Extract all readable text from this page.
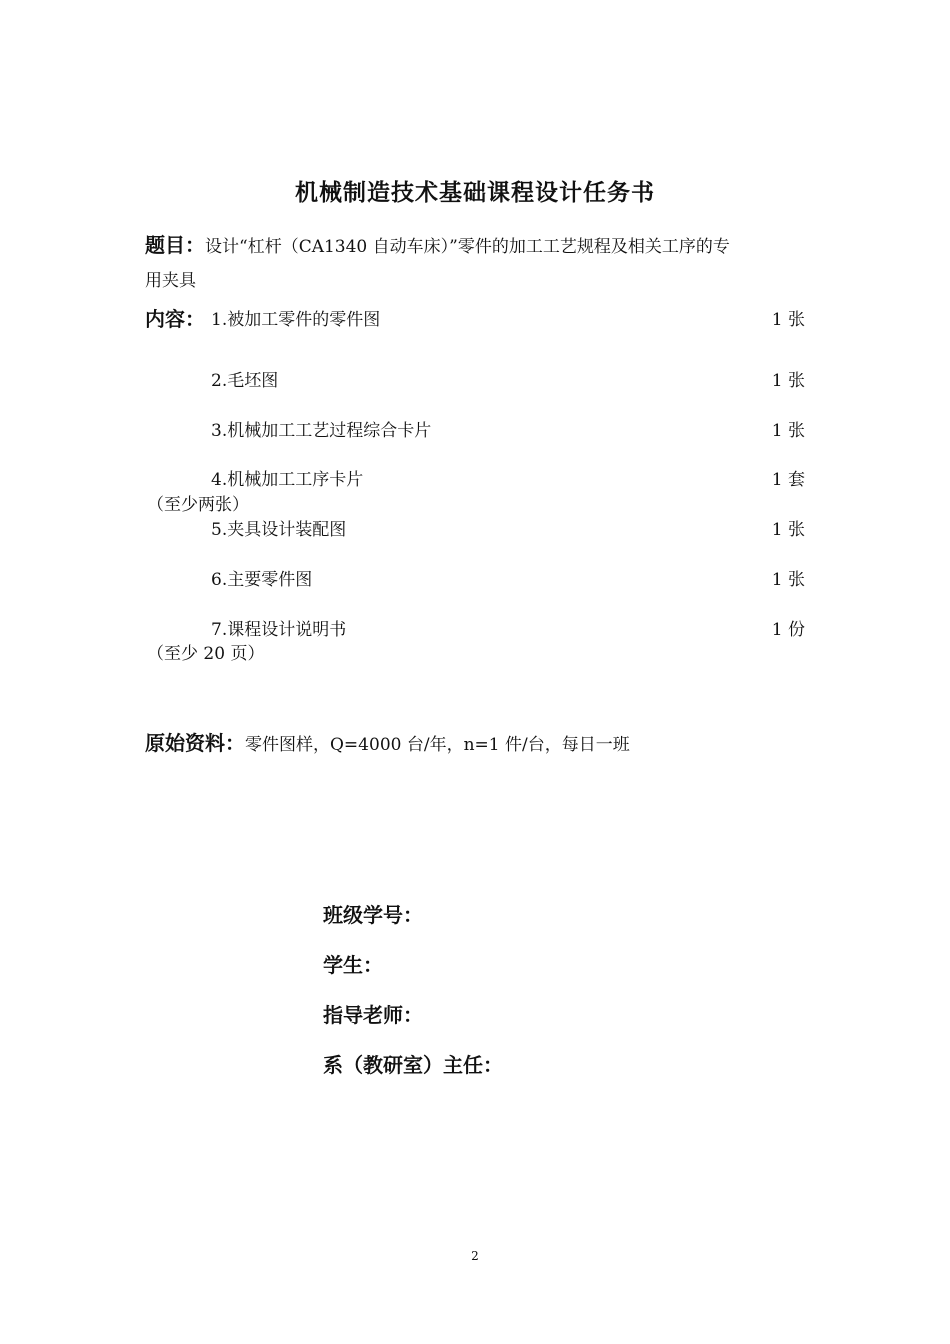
机械制造技术基础课程设计任务书
题目：设计“杠杆（CA1340 自动车床）”零件的加工工艺规程及相关工序的专
用夹具
内容： 1.被加工零件的零件图	1 张
2.毛坯图	1 张
3.机械加工工艺过程综合卡片	1 张
4.机械加工工序卡片	1 套
（至少两张）
5.夹具设计装配图	1 张
6.主要零件图	1 张
7.课程设计说明书	1 份
（至少 20 页）
原始资料：零件图样，Q=4000 台/年，n=1 件/台，每日一班
班级学号：
学生：
指导老师：
系（教研室）主任：
2
